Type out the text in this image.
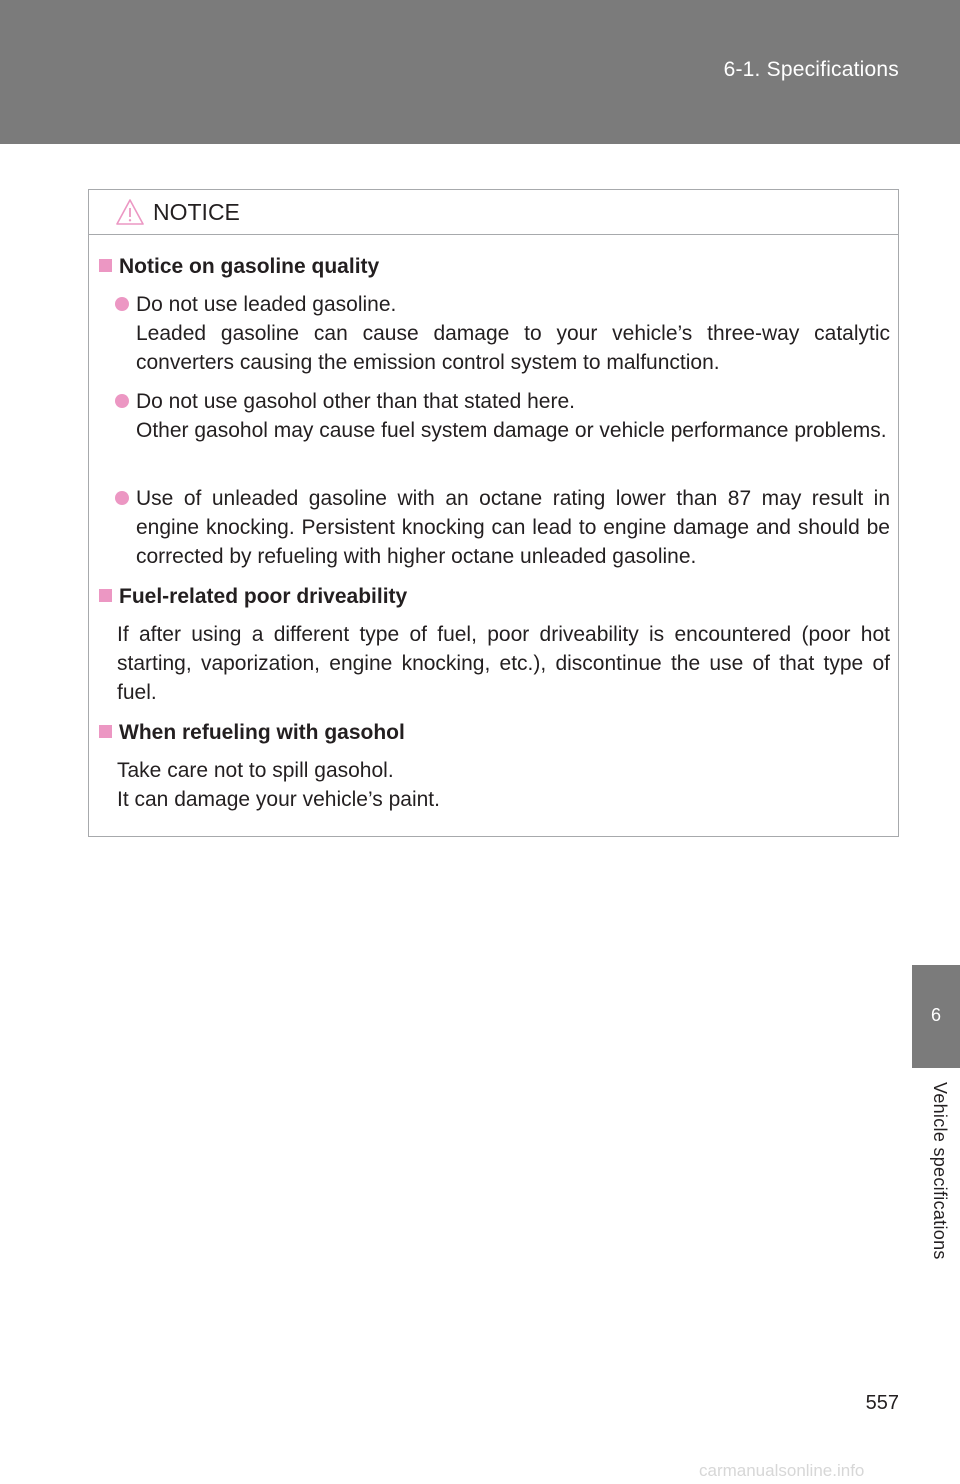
6-1. Specifications
NOTICE
Notice on gasoline quality

Do not use leaded gasoline.

Leaded gasoline can cause damage to your vehicle’s three-way catalytic converters causing the emission control system to malfunction.

Do not use gasohol other than that stated here.

Other gasohol may cause fuel system damage or vehicle performance problems.

Use of unleaded gasoline with an octane rating lower than 87 may result in engine knocking. Persistent knocking can lead to engine damage and should be corrected by refueling with higher octane unleaded gasoline.

Fuel-related poor driveability

If after using a different type of fuel, poor driveability is encountered (poor hot starting, vaporization, engine knocking, etc.), discontinue the use of that type of fuel.

When refueling with gasohol

Take care not to spill gasohol.

It can damage your vehicle’s paint.

6
Vehicle specifications
557
carmanualsonline.info
